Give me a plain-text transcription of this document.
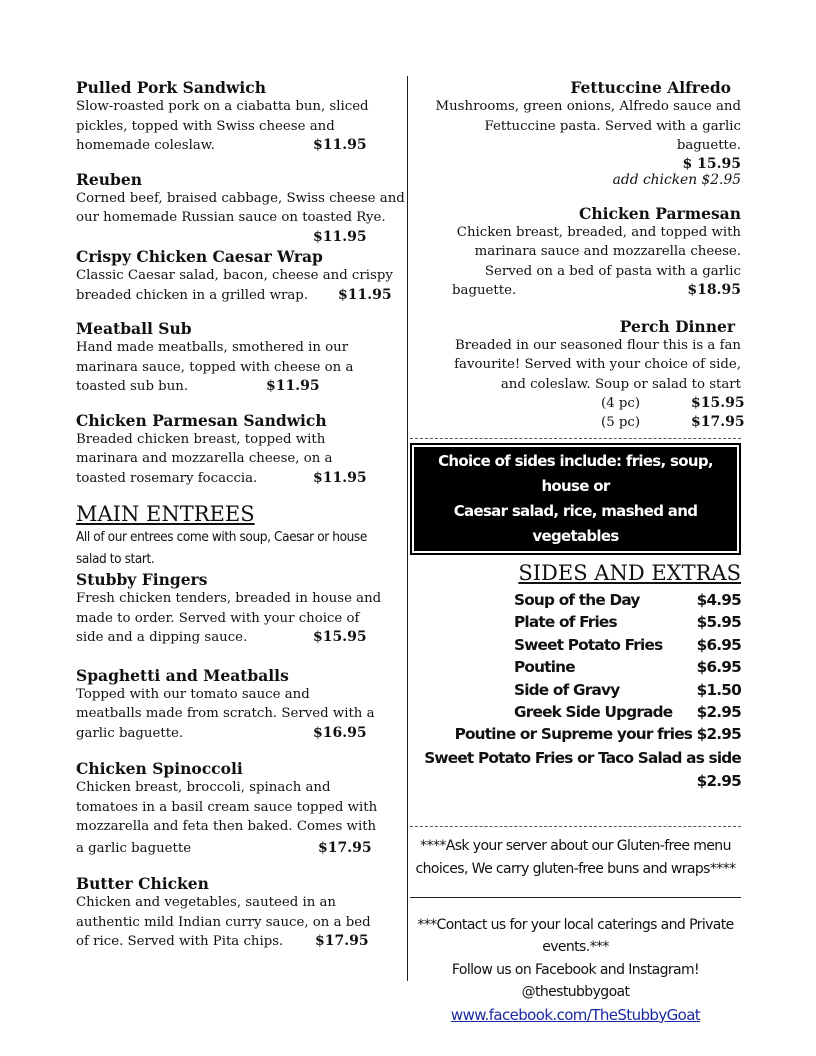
Pulled Pork Sandwich
Slow-roasted pork on a ciabatta bun, sliced
pickles, topped with Swiss cheese and
homemade coleslaw.	$11.95
Reuben
Corned beef, braised cabbage, Swiss cheese and
our homemade Russian sauce on toasted Rye.
$11.95
Crispy Chicken Caesar Wrap
Classic Caesar salad, bacon, cheese and crispy
breaded chicken in a grilled wrap. $11.95
Meatball Sub
Hand made meatballs, smothered in our
marinara sauce, topped with cheese on a
toasted sub bun.	$11.95
Chicken Parmesan Sandwich
Breaded chicken breast, topped with
marinara and mozzarella cheese, on a
toasted rosemary focaccia.	$11.95
MAIN ENTREES
All of our entrees come with soup, Caesar or house
salad to start.
Stubby Fingers
Fresh chicken tenders, breaded in house and
made to order. Served with your choice of
side and a dipping sauce.	$15.95
Spaghetti and Meatballs
Topped with our tomato sauce and
meatballs made from scratch. Served with a
garlic baguette.	$16.95
Chicken Spinoccoli
Chicken breast, broccoli, spinach and
tomatoes in a basil cream sauce topped with
mozzarella and feta then baked. Comes with
a garlic baguette	$17.95
Butter Chicken
Chicken and vegetables, sauteed in an
authentic mild Indian curry sauce, on a bed
of rice. Served with Pita chips. $17.95
Fettuccine Alfredo
Mushrooms, green onions, Alfredo sauce and
Fettuccine pasta. Served with a garlic
baguette.
$ 15.95
add chicken $2.95
Chicken Parmesan
Chicken breast, breaded, and topped with
marinara sauce and mozzarella cheese.
Served on a bed of pasta with a garlic
baguette.	$18.95
Perch Dinner
Breaded in our seasoned flour this is a fan
favourite! Served with your choice of side,
and coleslaw. Soup or salad to start
(4 pc)	$15.95
(5 pc)	$17.95
Choice of sides include: fries, soup, house or
Caesar salad, rice, mashed and vegetables
SIDES AND EXTRAS
Soup of the Day	$4.95
Plate of Fries	$5.95
Sweet Potato Fries $6.95
Poutine	$6.95
Side of Gravy	$1.50
Greek Side Upgrade $2.95
Poutine or Supreme your fries $2.95
Sweet Potato Fries or Taco Salad as side $2.95
****Ask your server about our Gluten-free menu
choices, We carry gluten-free buns and wraps****
***Contact us for your local caterings and Private
events.***
Follow us on Facebook and Instagram! @thestubbygoat
www.facebook.com/TheStubbyGoat
